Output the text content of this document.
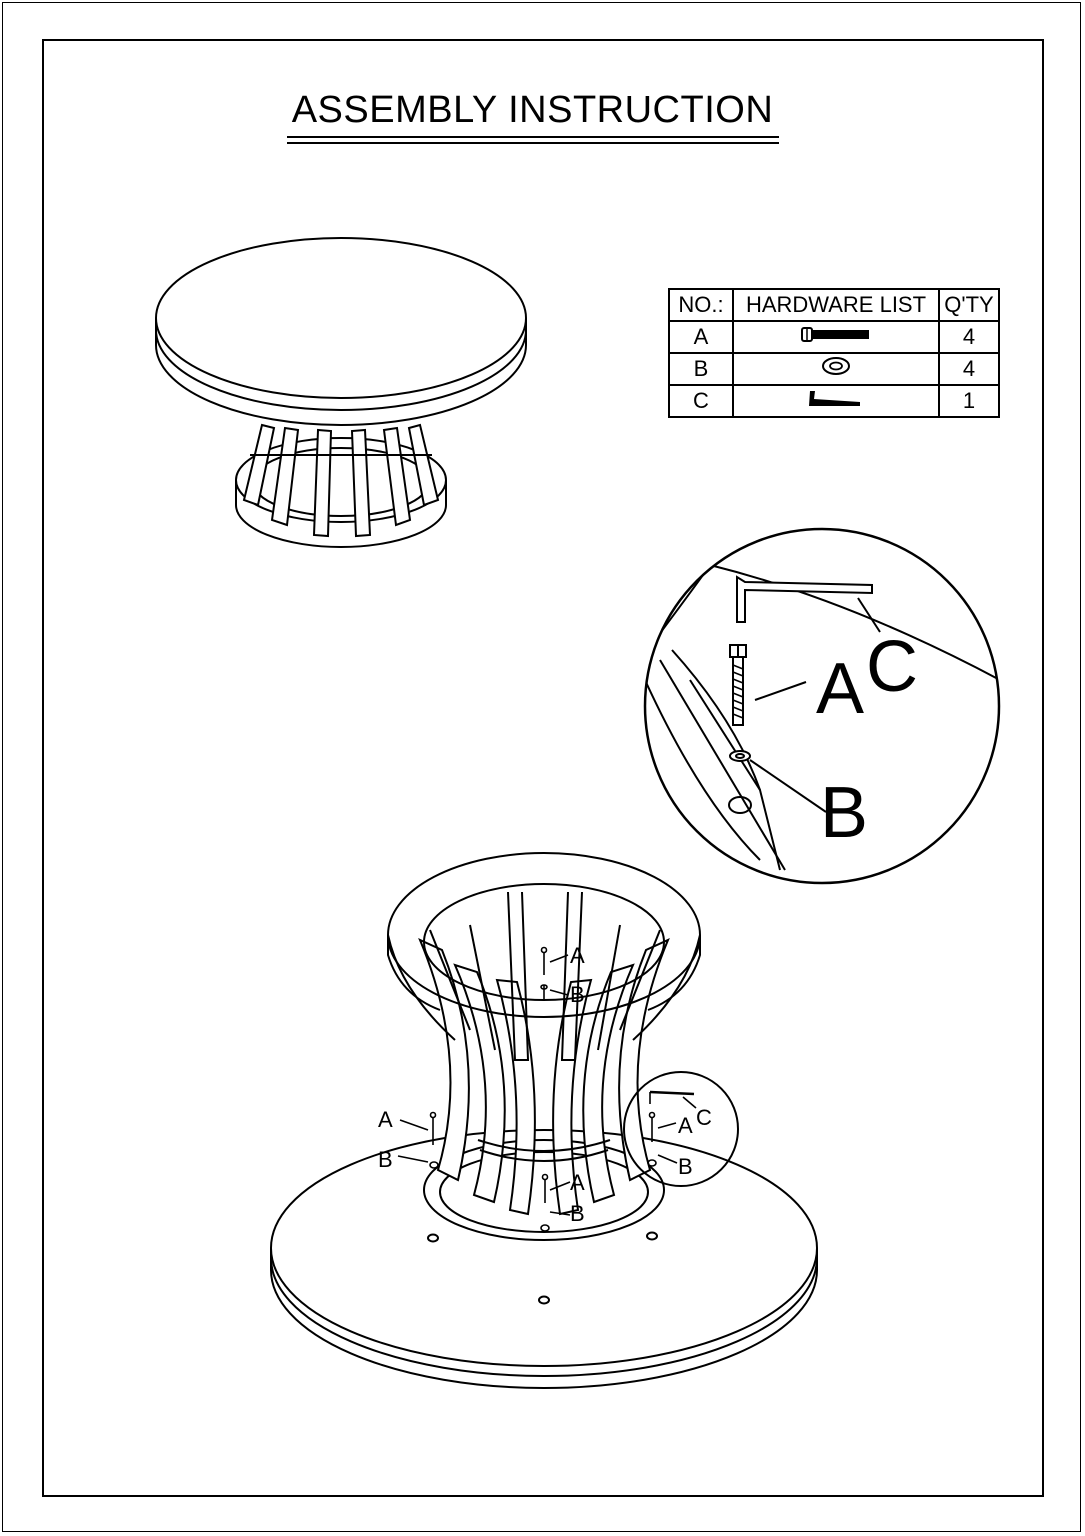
ASSEMBLY INSTRUCTION
NO.:	HARDWARE LIST	Q'TY
A		4
B		4
C		1
A C
B
A
B
A
B
A
B
A C
B
